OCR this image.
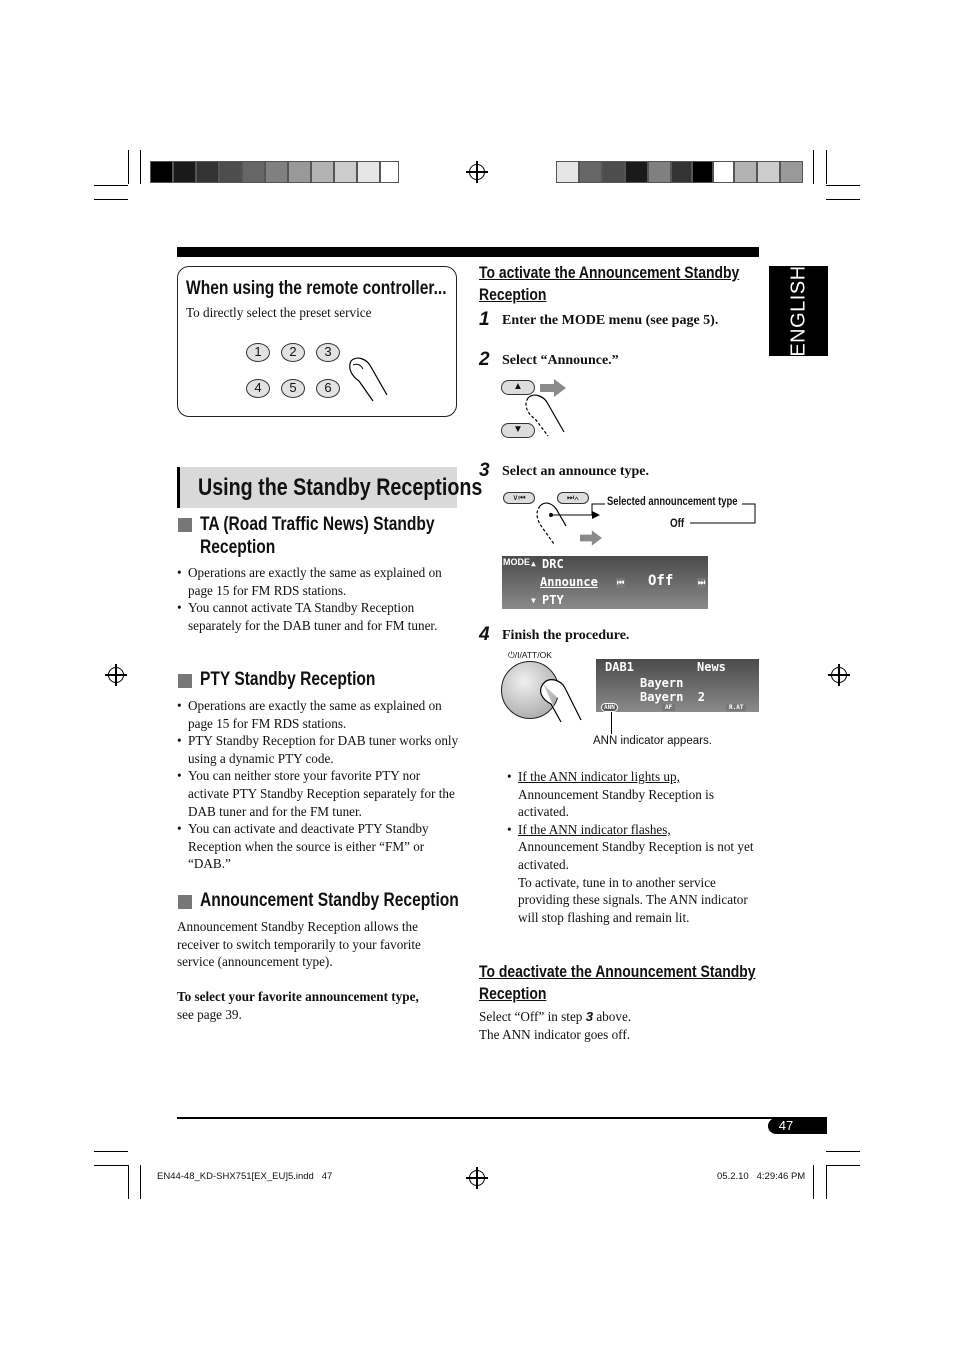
ENGLISH
When using the remote controller...
To directly select the preset service
1	2	3
4	5	6
Using the Standby Receptions
TA (Road Traffic News) Standby
Reception
• Operations are exactly the same as explained on page 15 for FM RDS stations.
• You cannot activate TA Standby Reception separately for the DAB tuner and for FM tuner.
PTY Standby Reception
• Operations are exactly the same as explained on page 15 for FM RDS stations.
• PTY Standby Reception for DAB tuner works only using a dynamic PTY code.
• You can neither store your favorite PTY nor activate PTY Standby Reception separately for the DAB tuner and for the FM tuner.
• You can activate and deactivate PTY Standby Reception when the source is either “FM” or “DAB.”
Announcement Standby Reception
Announcement Standby Reception allows the receiver to switch temporarily to your favorite service (announcement type).
To select your favorite announcement type,
see page 39.
To activate the Announcement Standby
Reception
1 Enter the MODE menu (see page 5).
2 Select “Announce.”
▲
▼
3 Select an announce type.
∨⏮	⏭∧	Selected announcement type
Off
MODE ▲ DRC
Announce ⏮ Off	⏭
▼ PTY
4 Finish the procedure.
⏻/I/ATT/OK
DAB1	News
Bayern
Bayern  2
ANN	AF	R.AT
ANN indicator appears.
• If the ANN indicator lights up,
Announcement Standby Reception is activated.
• If the ANN indicator flashes,
Announcement Standby Reception is not yet activated.
To activate, tune in to another service providing these signals. The ANN indicator will stop flashing and remain lit.
To deactivate the Announcement Standby
Reception
Select “Off” in step 3 above.
The ANN indicator goes off.
47
EN44-48_KD-SHX751[EX_EU]5.indd   47	05.2.10   4:29:46 PM
